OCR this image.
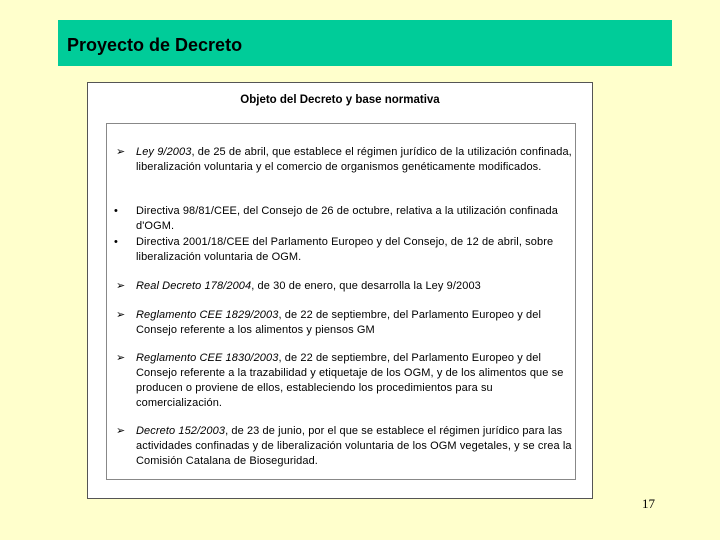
Proyecto de Decreto
Objeto del Decreto y base normativa
➢ Ley 9/2003, de 25 de abril, que establece el régimen jurídico de la utilización confinada, liberalización voluntaria y el comercio de organismos genéticamente modificados.
• Directiva 98/81/CEE, del Consejo de 26 de octubre, relativa a la utilización confinada d'OGM.
• Directiva 2001/18/CEE del Parlamento Europeo y del Consejo, de 12 de abril, sobre liberalización voluntaria de OGM.
➢ Real Decreto 178/2004, de 30 de enero, que desarrolla la Ley 9/2003
➢ Reglamento CEE 1829/2003, de 22 de septiembre, del Parlamento Europeo y del Consejo referente a los alimentos y piensos GM
➢ Reglamento CEE 1830/2003, de 22 de septiembre, del Parlamento Europeo y del Consejo referente a la trazabilidad y etiquetaje de los OGM, y de los alimentos que se producen o proviene de ellos, estableciendo los procedimientos para su comercialización.
➢ Decreto 152/2003, de 23 de junio, por el que se establece el régimen jurídico para las actividades confinadas y de liberalización voluntaria de los OGM vegetales, y se crea la Comisión Catalana de Bioseguridad.
17
